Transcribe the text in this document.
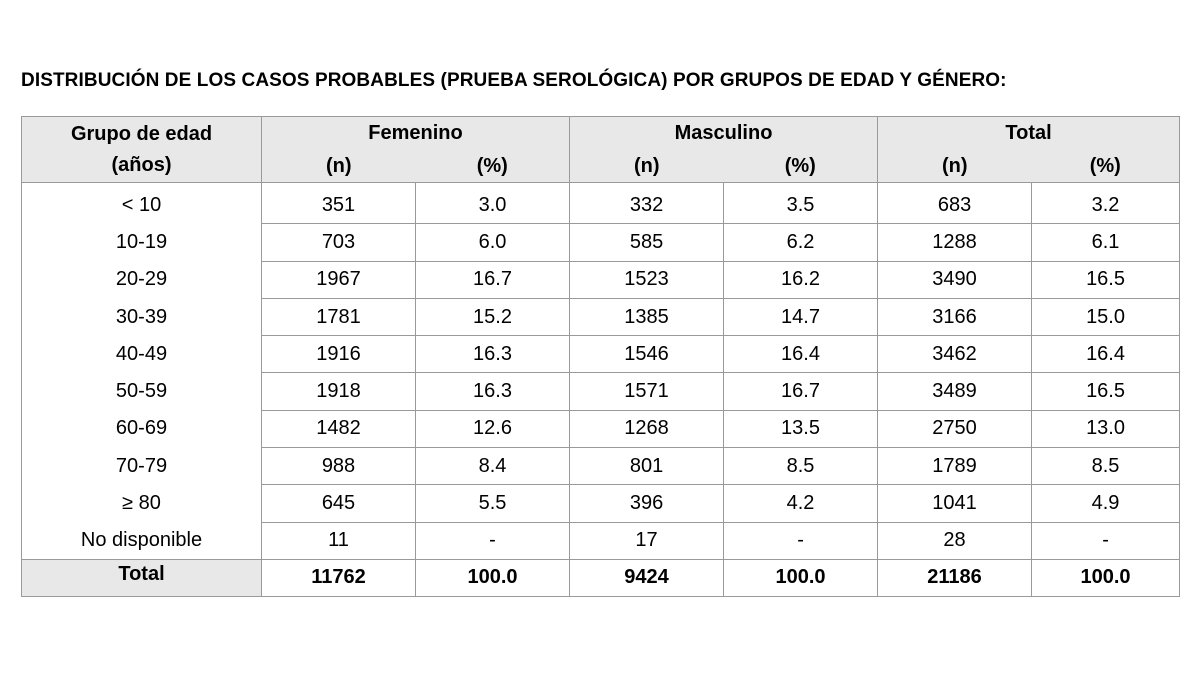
DISTRIBUCIÓN DE LOS CASOS PROBABLES (PRUEBA SEROLÓGICA) POR GRUPOS DE EDAD Y GÉNERO:
Grupo de edad
(años)	Femenino		Masculino		Total	
	(n)	(%)	(n)	(%)	(n)	(%)
< 10	351	3.0	332	3.5	683	3.2
10-19	703	6.0	585	6.2	1288	6.1
20-29	1967	16.7	1523	16.2	3490	16.5
30-39	1781	15.2	1385	14.7	3166	15.0
40-49	1916	16.3	1546	16.4	3462	16.4
50-59	1918	16.3	1571	16.7	3489	16.5
60-69	1482	12.6	1268	13.5	2750	13.0
70-79	988	8.4	801	8.5	1789	8.5
≥ 80	645	5.5	396	4.2	1041	4.9
No disponible	11	-	17	-	28	-
Total	11762	100.0	9424	100.0	21186	100.0
